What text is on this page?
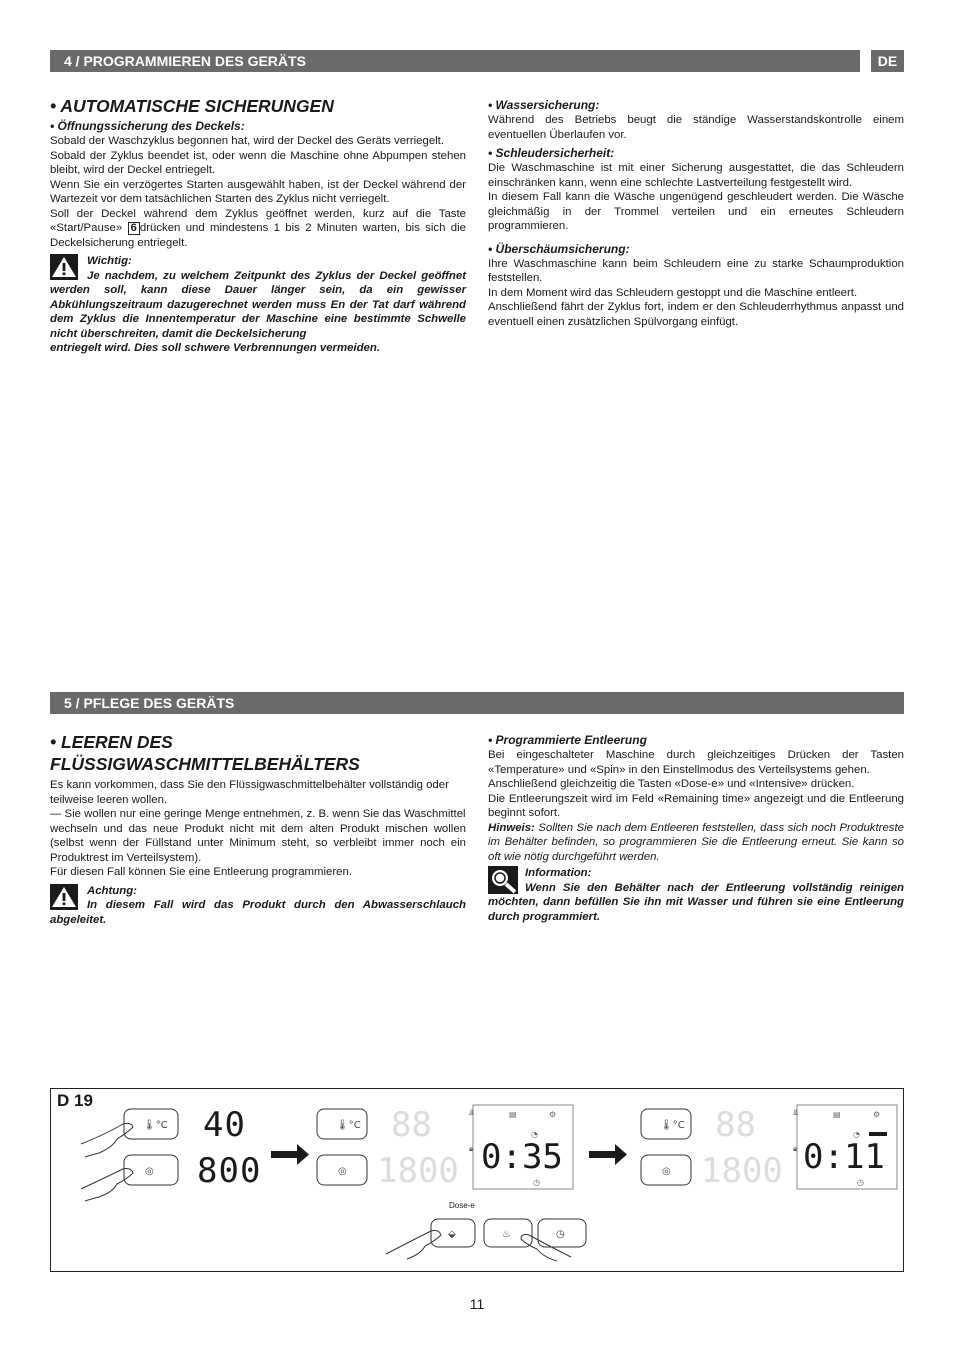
4 / PROGRAMMIEREN DES GERÄTS	DE
• AUTOMATISCHE SICHERUNGEN
• Öffnungssicherung des Deckels:

Sobald der Waschzyklus begonnen hat, wird der Deckel des Geräts verriegelt.

Sobald der Zyklus beendet ist, oder wenn die Maschine ohne Abpumpen stehen bleibt, wird der Deckel entriegelt.

Wenn Sie ein verzögertes Starten ausgewählt haben, ist der Deckel während der Wartezeit vor dem tatsächlichen Starten des Zyklus nicht verriegelt.

Soll der Deckel während dem Zyklus geöffnet werden, kurz auf die Taste «Start/Pause» 6 drücken und mindestens 1 bis 2 Minuten warten, bis sich die Deckelsicherung entriegelt.

Wichtig:

Je nachdem, zu welchem Zeitpunkt des Zyklus der Deckel geöffnet werden soll, kann diese Dauer länger sein, da ein gewisser Abkühlungszeitraum dazugerechnet werden muss En der Tat darf während dem Zyklus die Innentemperatur der Maschine eine bestimmte Schwelle nicht überschreiten, damit die Deckelsicherung

entriegelt wird. Dies soll schwere Verbrennungen vermeiden.

• Wassersicherung:

Während des Betriebs beugt die ständige Wasserstandskontrolle einem eventuellen Überlaufen vor.

• Schleudersicherheit:

Die Waschmaschine ist mit einer Sicherung ausgestattet, die das Schleudern einschränken kann, wenn eine schlechte Lastverteilung festgestellt wird.

In diesem Fall kann die Wäsche ungenügend geschleudert werden. Die Wäsche gleichmäßig in der Trommel verteilen und ein erneutes Schleudern programmieren.

• Überschäumsicherung:

Ihre Waschmaschine kann beim Schleudern eine zu starke Schaumproduktion feststellen.

In dem Moment wird das Schleudern gestoppt und die Maschine entleert.

Anschließend fährt der Zyklus fort, indem er den Schleuderrhythmus anpasst und eventuell einen zusätzlichen Spülvorgang einfügt.

5 / PFLEGE DES GERÄTS
• LEEREN DES
FLÜSSIGWASCHMITTELBEHÄLTERS

Es kann vorkommen, dass Sie den Flüssigwaschmittelbehälter vollständig oder

teilweise leeren wollen.

— Sie wollen nur eine geringe Menge entnehmen, z. B. wenn Sie das Waschmittel

wechseln und das neue Produkt nicht mit dem alten Produkt mischen wollen (selbst wenn der Füllstand unter Minimum steht, so verbleibt immer noch ein Produktrest im Verteilsystem).

Für diesen Fall können Sie eine Entleerung programmieren.

Achtung:

In diesem Fall wird das Produkt durch den Abwasserschlauch abgeleitet.

• Programmierte Entleerung

Bei eingeschalteter Maschine durch gleichzeitiges Drücken der Tasten «Temperature» und «Spin» in den Einstellmodus des Verteilsystems gehen.

Anschließend gleichzeitig die Tasten «Dose-e» und «Intensive» drücken.

Die Entleerungszeit wird im Feld «Remaining time» angezeigt und die Entleerung beginnt sofort.

Hinweis: Sollten Sie nach dem Entleeren feststellen, dass sich noch Produktreste im Behälter befinden, so programmieren Sie die Entleerung erneut. Sie kann so oft wie nötig durchgeführt werden.

Information:

Wenn Sie den Behälter nach der Entleerung vollständig reinigen möchten, dann befüllen Sie ihn mit Wasser und führen sie eine Entleerung durch programmiert.

D 19
🌡︎°C
◎
🌡︎°C
◎
🌡︎°C
◎
⬙	♨	◷
╨	▤	⚙
◔
🔒︎
◷
╨	▤	⚙
◔
🔒︎
◷
40
800
88
1800
88
1800
0:35	0:11
Dose-e
11
